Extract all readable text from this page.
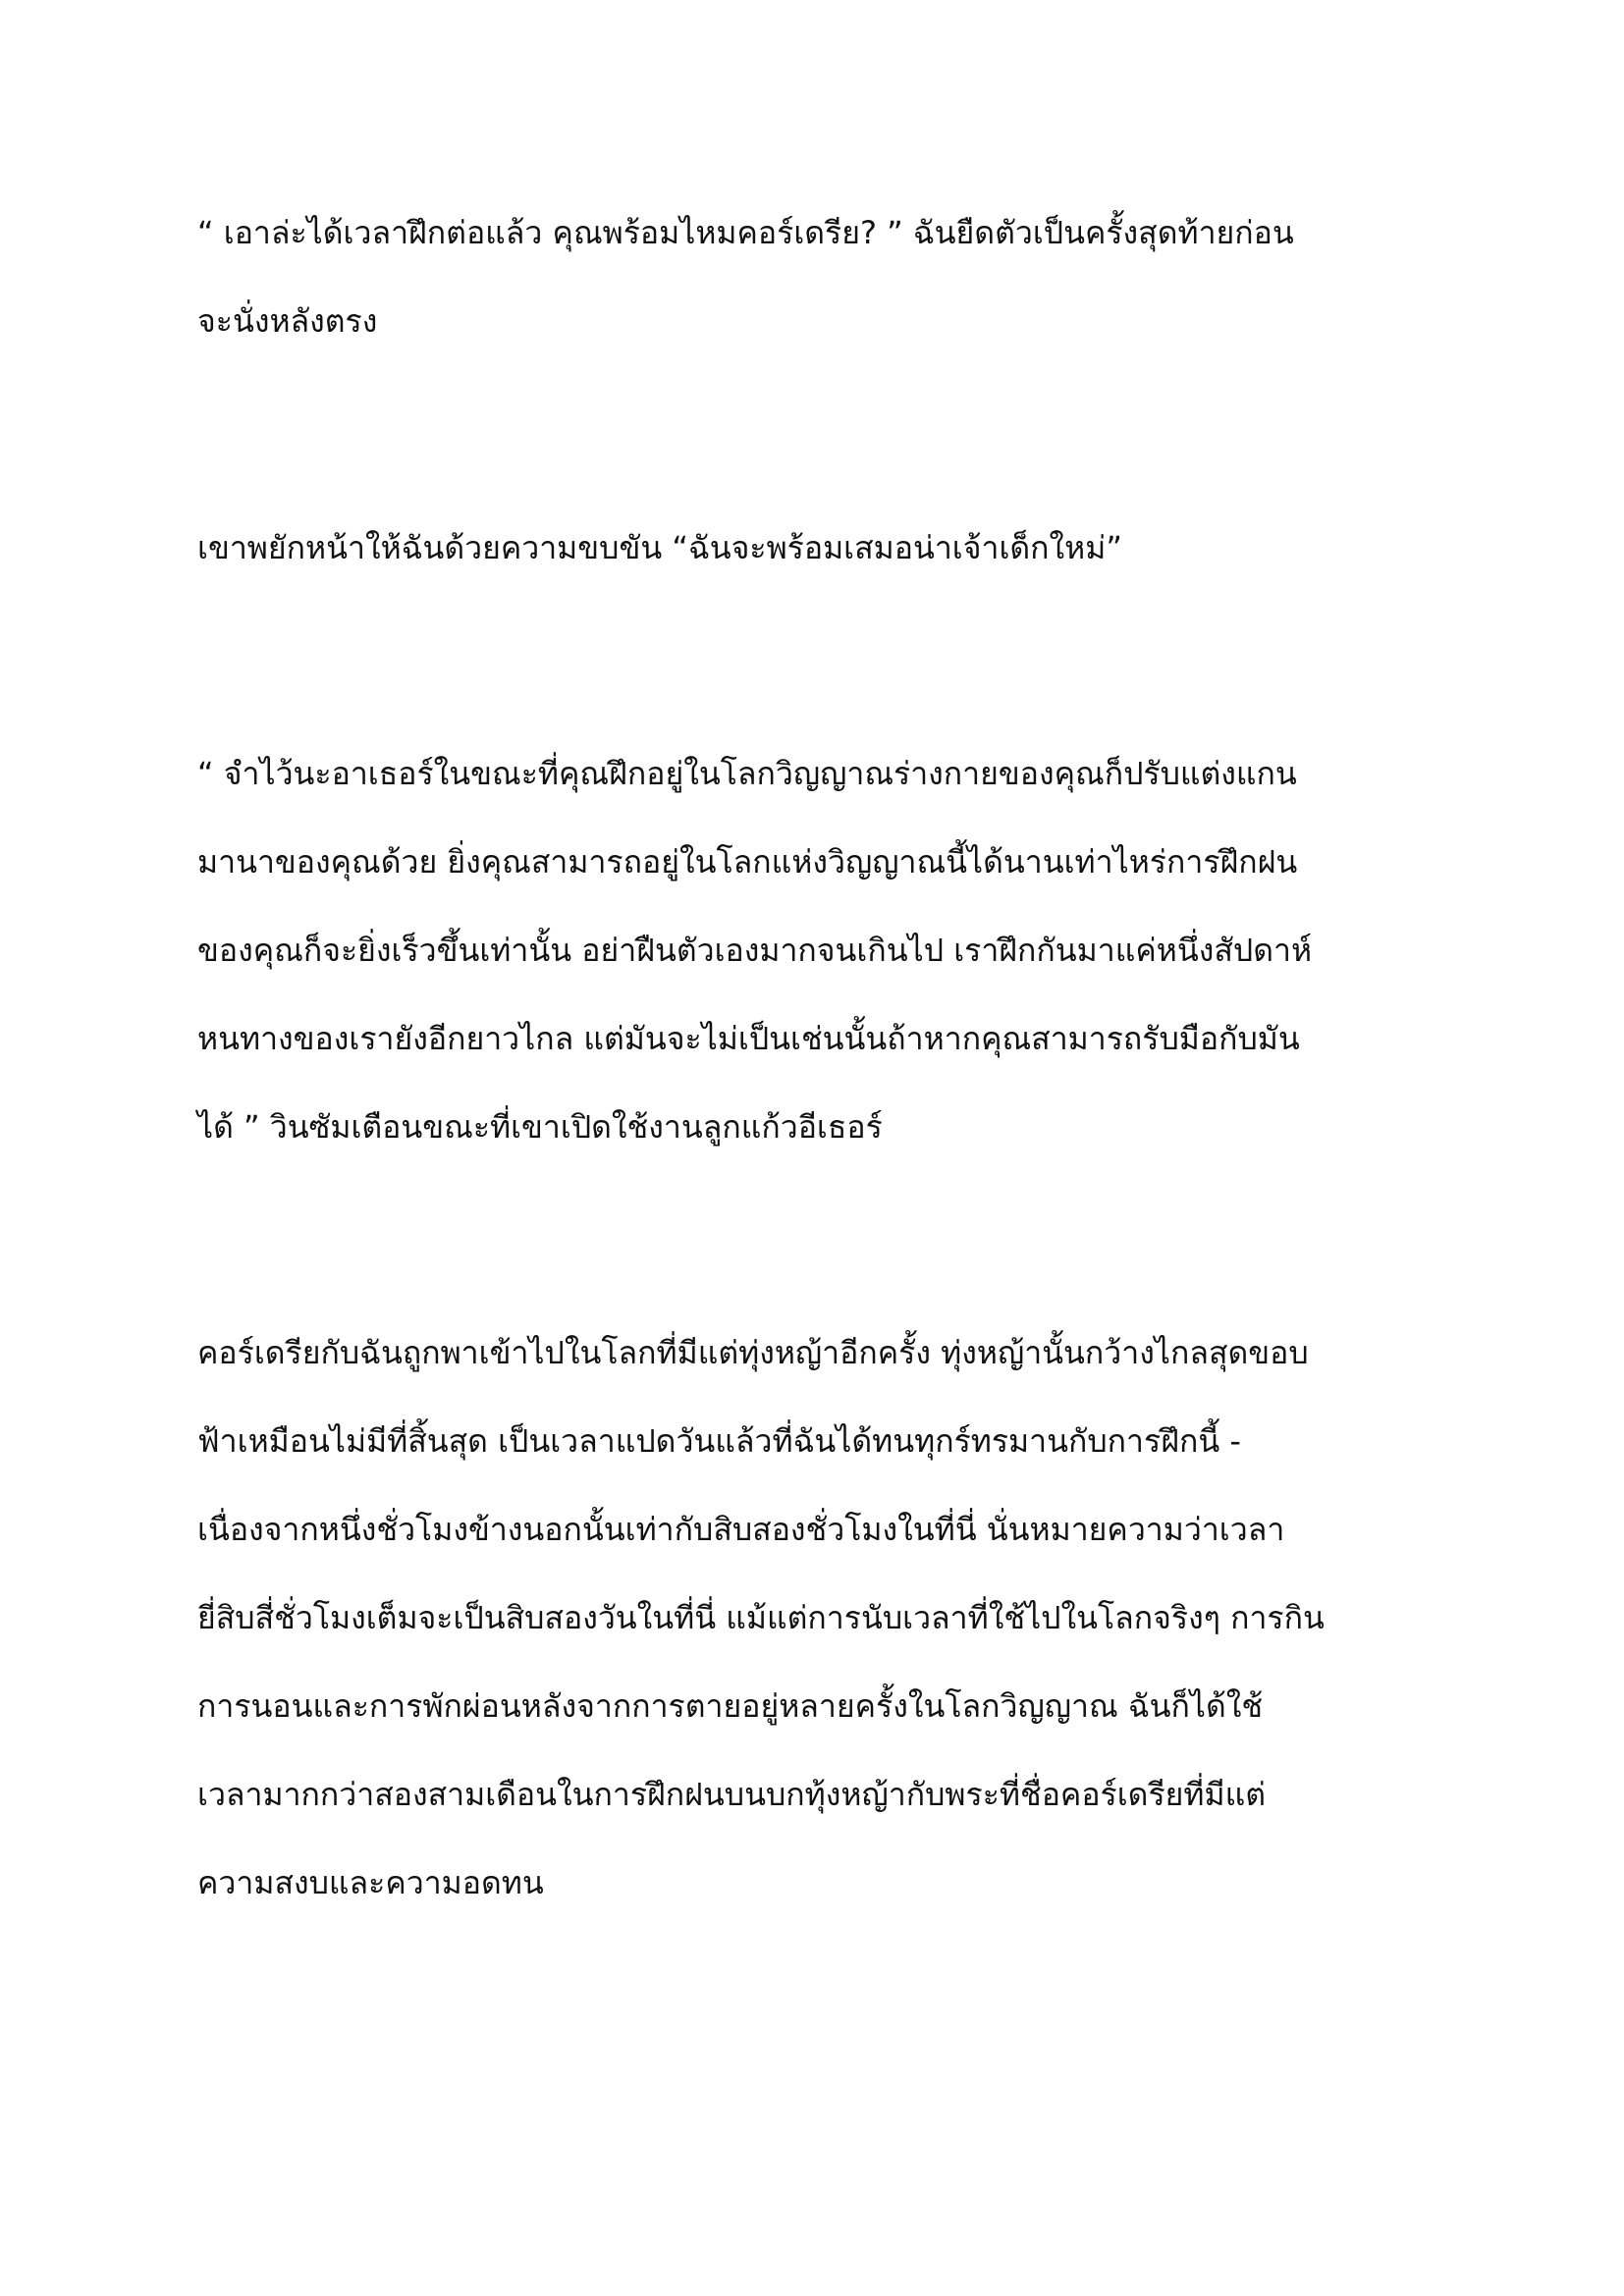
“ เอาล่ะได้เวลาฝึกต่อแล้ว คุณพร้อมไหมคอร์เดรีย? ” ฉันยืดตัวเป็นครั้งสุดท้ายก่อน
จะนั่งหลังตรง
เขาพยักหน้าให้ฉันด้วยความขบขัน “ฉันจะพร้อมเสมอน่าเจ้าเด็กใหม่”
“ จำไว้นะอาเธอร์ในขณะที่คุณฝึกอยู่ในโลกวิญญาณร่างกายของคุณก็ปรับแต่งแกน
มานาของคุณด้วย ยิ่งคุณสามารถอยู่ในโลกแห่งวิญญาณนี้ได้นานเท่าไหร่การฝึกฝน
ของคุณก็จะยิ่งเร็วขึ้นเท่านั้น อย่าฝืนตัวเองมากจนเกินไป เราฝึกกันมาแค่หนึ่งสัปดาห์
หนทางของเรายังอีกยาวไกล แต่มันจะไม่เป็นเช่นนั้นถ้าหากคุณสามารถรับมือกับมัน
ได้ ” วินซัมเตือนขณะที่เขาเปิดใช้งานลูกแก้วอีเธอร์
คอร์เดรียกับฉันถูกพาเข้าไปในโลกที่มีแต่ทุ่งหญ้าอีกครั้ง ทุ่งหญ้านั้นกว้างไกลสุดขอบ
ฟ้าเหมือนไม่มีที่สิ้นสุด เป็นเวลาแปดวันแล้วที่ฉันได้ทนทุกร์ทรมานกับการฝึกนี้ -
เนื่องจากหนึ่งชั่วโมงข้างนอกนั้นเท่ากับสิบสองชั่วโมงในที่นี่ นั่นหมายความว่าเวลา
ยี่สิบสี่ชั่วโมงเต็มจะเป็นสิบสองวันในที่นี่ แม้แต่การนับเวลาที่ใช้ไปในโลกจริงๆ การกิน
การนอนและการพักผ่อนหลังจากการตายอยู่หลายครั้งในโลกวิญญาณ ฉันก็ได้ใช้
เวลามากกว่าสองสามเดือนในการฝึกฝนบนบกทุ้งหญ้ากับพระที่ชื่อคอร์เดรียที่มีแต่
ความสงบและความอดทน
